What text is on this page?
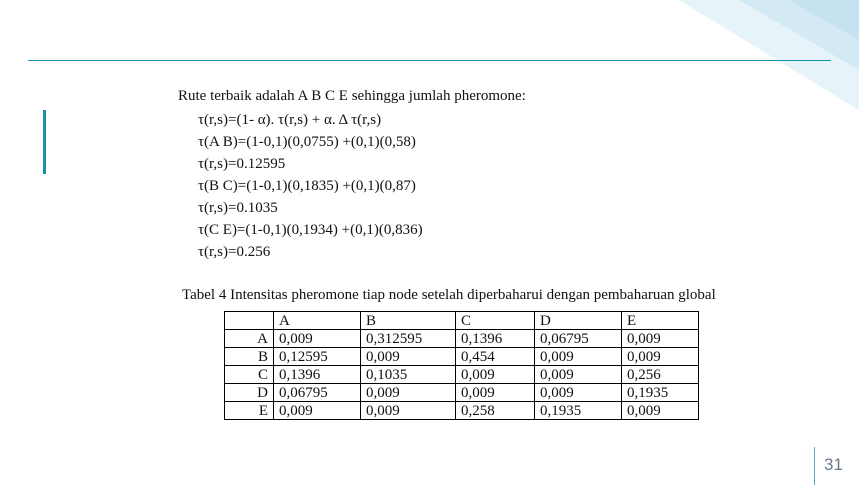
Rute terbaik adalah A B C E sehingga jumlah pheromone:

τ(r,s)=(1- α). τ(r,s) + α. Δ τ(r,s)
τ(A B)=(1-0,1)(0,0755) +(0,1)(0,58)
τ(r,s)=0.12595
τ(B C)=(1-0,1)(0,1835) +(0,1)(0,87)
τ(r,s)=0.1035
τ(C E)=(1-0,1)(0,1934) +(0,1)(0,836)
τ(r,s)=0.256
Tabel 4 Intensitas pheromone tiap node setelah diperbaharui dengan pembaharuan global
	A	B	C	D	E
A	0,009	0,312595	0,1396	0,06795	0,009
B	0,12595	0,009	0,454	0,009	0,009
C	0,1396	0,1035	0,009	0,009	0,256
D	0,06795	0,009	0,009	0,009	0,1935
E	0,009	0,009	0,258	0,1935	0,009
31
